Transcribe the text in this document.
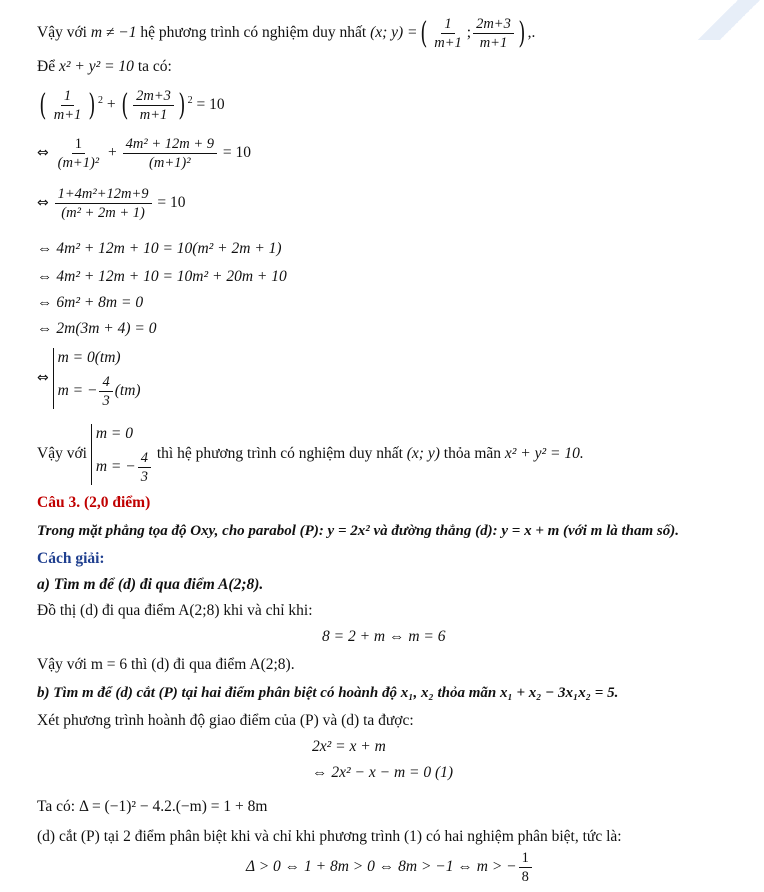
Vậy với m ≠ −1 hệ phương trình có nghiệm duy nhất (x; y) =( $\frac{1}{m+1}$ ; $\frac{2m+3}{m+1}$ ) ,.
Để x² + y² = 10 ta có:
( $\frac{1}{m+1}$ ) $^2$ + ( $\frac{2m+3}{m+1}$ ) $^2$ = 10
⇔ $\frac{1}{\text{(m+1)²}} + \frac{\text{4m² + 12m + 9}}{\text{(m+1)²}} = 10$
⇔ $\frac{\text{1+4m²+12m+9}}{\text{(m² + 2m + 1)}} = 10$
⇔ 4m² + 12m + 10 = 10(m² + 2m + 1)
⇔ 4m² + 12m + 10 = 10m² + 20m + 10
⇔ 6m² + 8m = 0
⇔ 2m(3m + 4) = 0
⇔
m = 0(tm)
m = − $\frac{4}{3} (tm)$
Vậy với
m = 0
m = − $\frac{4}{3}$ thì hệ phương trình có nghiệm duy nhất (x; y) thỏa mãn x² + y² = 10.
Câu 3. (2,0 điểm)
Trong mặt phẳng tọa độ Oxy, cho parabol (P): y = 2x² và đường thẳng (d): y = x + m (với m là tham số).
Cách giải:
a) Tìm m để (d) đi qua điểm A(2;8).
Đồ thị (d) đi qua điểm A(2;8) khi và chỉ khi:
8 = 2 + m ⇔ m = 6
Vậy với m = 6 thì (d) đi qua điểm A(2;8).
b) Tìm m để (d) cắt (P) tại hai điểm phân biệt có hoành độ x₁, x₂ thỏa mãn x₁ + x₂ − 3x₁x₂ = 5.
Xét phương trình hoành độ giao điểm của (P) và (d) ta được:
2x² = x + m
⇔ 2x² − x − m = 0 (1)
Ta có: Δ = (−1)² − 4.2.(−m) = 1 + 8m
(d) cắt (P) tại 2 điểm phân biệt khi và chỉ khi phương trình (1) có hai nghiệm phân biệt, tức là:
Δ > 0 ⇔ 1 + 8m > 0 ⇔ 8m > −1 ⇔ m > − $\frac{1}{8}$
